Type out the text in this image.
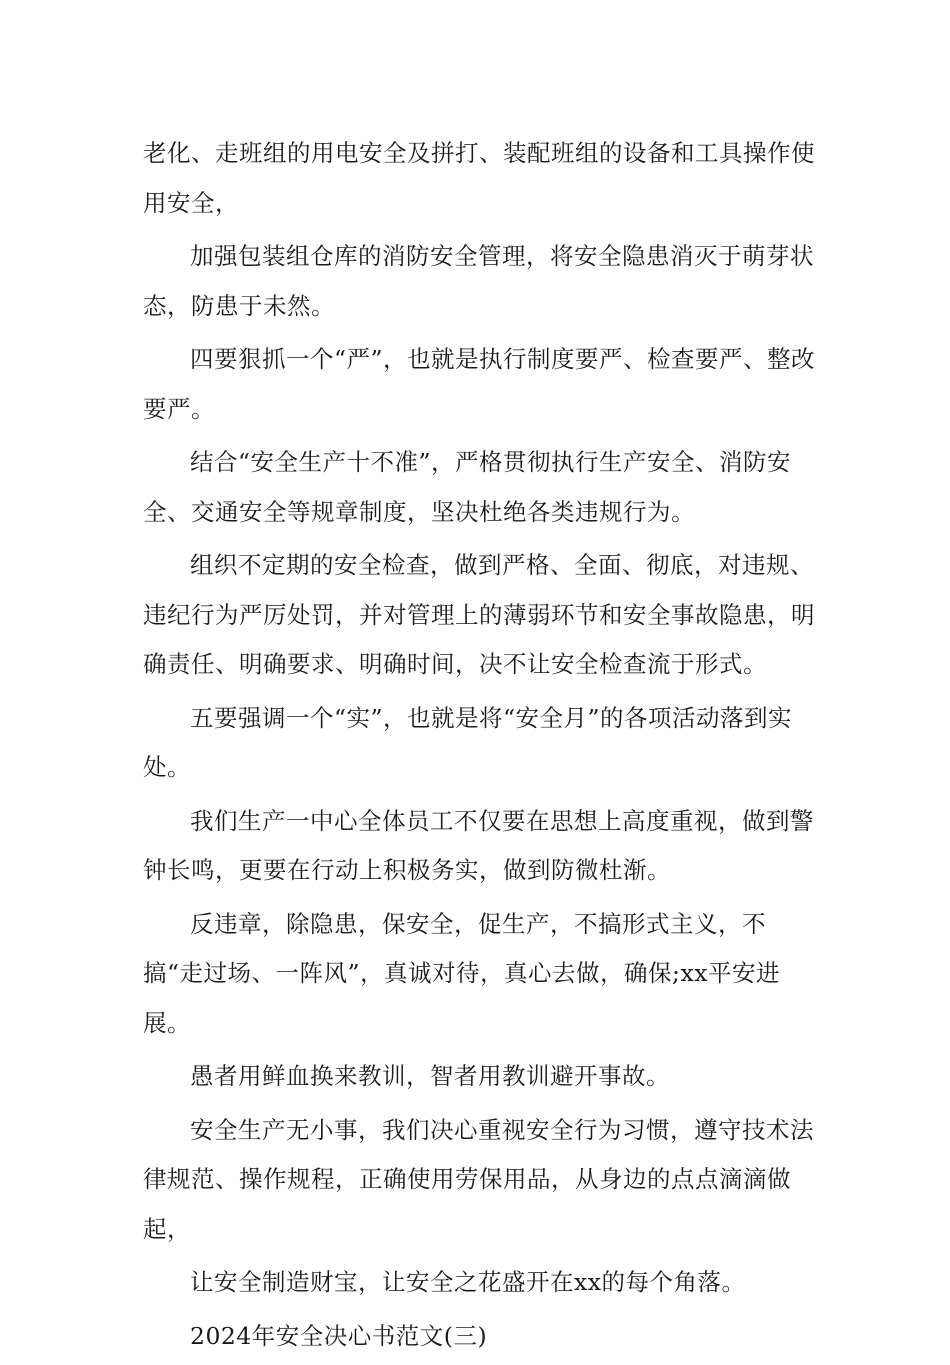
老化、走班组的用电安全及拼打、装配班组的设备和工具操作使用安全，

加强包装组仓库的消防安全管理，将安全隐患消灭于萌芽状态，防患于未然。

四要狠抓一个“严”，也就是执行制度要严、检查要严、整改要严。

结合“安全生产十不准”，严格贯彻执行生产安全、消防安全、交通安全等规章制度，坚决杜绝各类违规行为。

组织不定期的安全检查，做到严格、全面、彻底，对违规、违纪行为严厉处罚，并对管理上的薄弱环节和安全事故隐患，明确责任、明确要求、明确时间，决不让安全检查流于形式。

五要强调一个“实”，也就是将“安全月”的各项活动落到实处。

我们生产一中心全体员工不仅要在思想上高度重视，做到警钟长鸣，更要在行动上积极务实，做到防微杜渐。

反违章，除隐患，保安全，促生产，不搞形式主义，不搞“走过场、一阵风”，真诚对待，真心去做，确保;xx平安进展。

愚者用鲜血换来教训，智者用教训避开事故。

安全生产无小事，我们决心重视安全行为习惯，遵守技术法律规范、操作规程，正确使用劳保用品，从身边的点点滴滴做起，

让安全制造财宝，让安全之花盛开在xx的每个角落。

2024年安全决心书范文(三)
